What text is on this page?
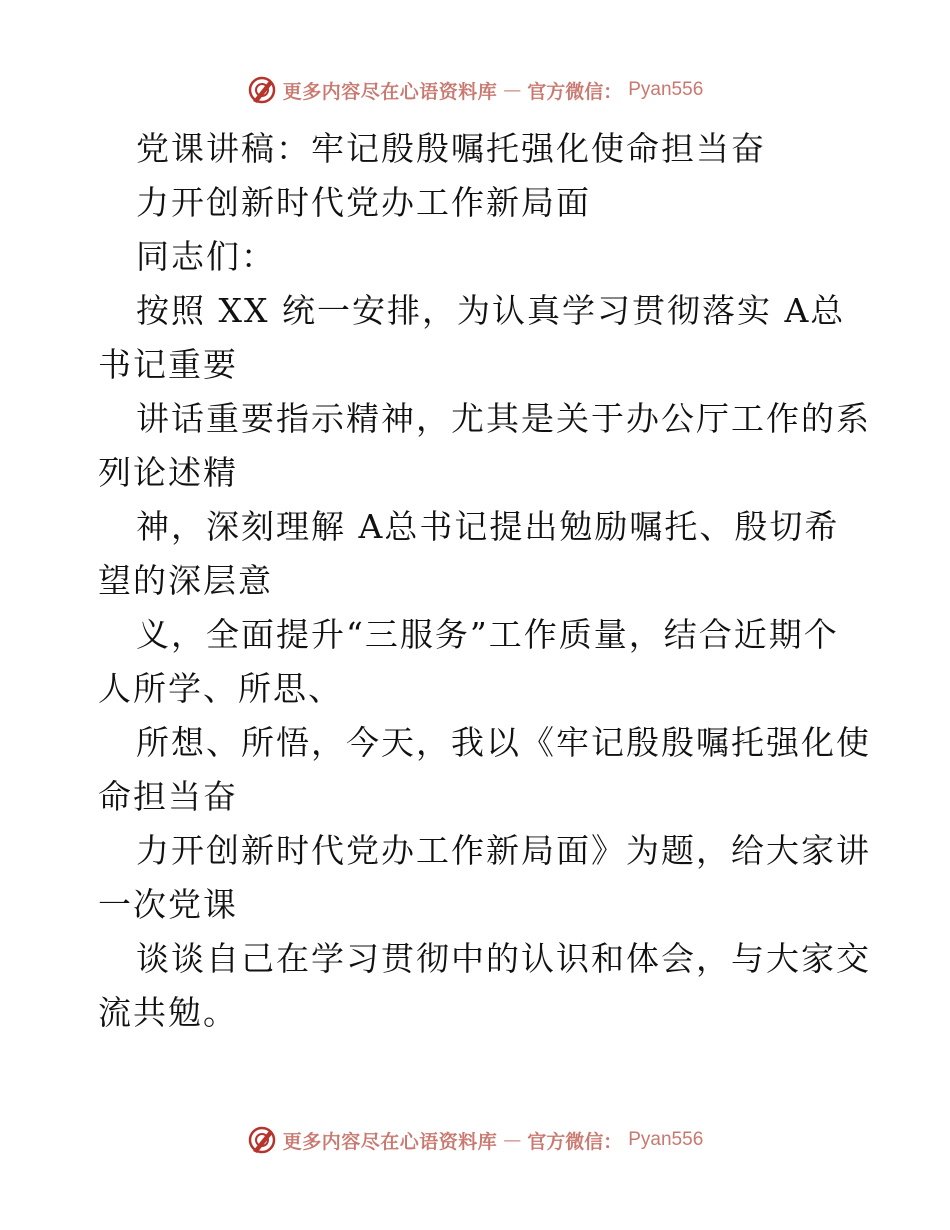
更多内容尽在心语资料库 — 官方微信： Pyan556
党课讲稿：牢记殷殷嘱托强化使命担当奋
力开创新时代党办工作新局面
同志们：
按照 XX 统一安排，为认真学习贯彻落实 A总
书记重要
讲话重要指示精神，尤其是关于办公厅工作的系
列论述精
神，深刻理解 A总书记提出勉励嘱托、殷切希
望的深层意
义，全面提升“三服务”工作质量，结合近期个
人所学、所思、
所想、所悟，今天，我以《牢记殷殷嘱托强化使
命担当奋
力开创新时代党办工作新局面》为题，给大家讲
一次党课
谈谈自己在学习贯彻中的认识和体会，与大家交
流共勉。
更多内容尽在心语资料库 — 官方微信： Pyan556
